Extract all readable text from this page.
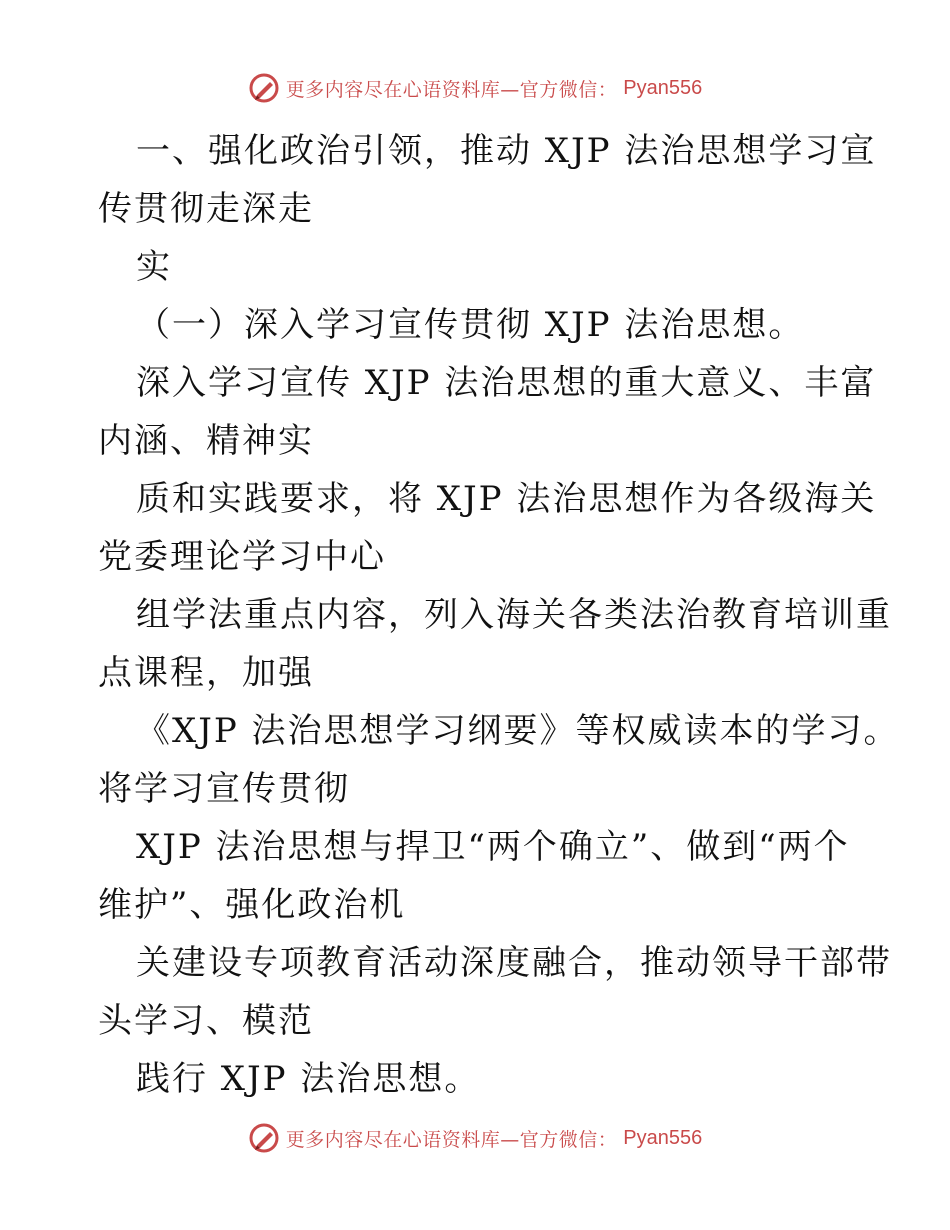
更多内容尽在心语资料库—官方微信： Pyan556
一、强化政治引领，推动 XJP 法治思想学习宣
传贯彻走深走
实
（一）深入学习宣传贯彻 XJP 法治思想。
深入学习宣传 XJP 法治思想的重大意义、丰富
内涵、精神实
质和实践要求，将 XJP 法治思想作为各级海关
党委理论学习中心
组学法重点内容，列入海关各类法治教育培训重
点课程，加强
《XJP 法治思想学习纲要》等权威读本的学习。
将学习宣传贯彻
XJP 法治思想与捍卫“两个确立”、做到“两个
维护”、强化政治机
关建设专项教育活动深度融合，推动领导干部带
头学习、模范
践行 XJP 法治思想。
更多内容尽在心语资料库—官方微信： Pyan556
